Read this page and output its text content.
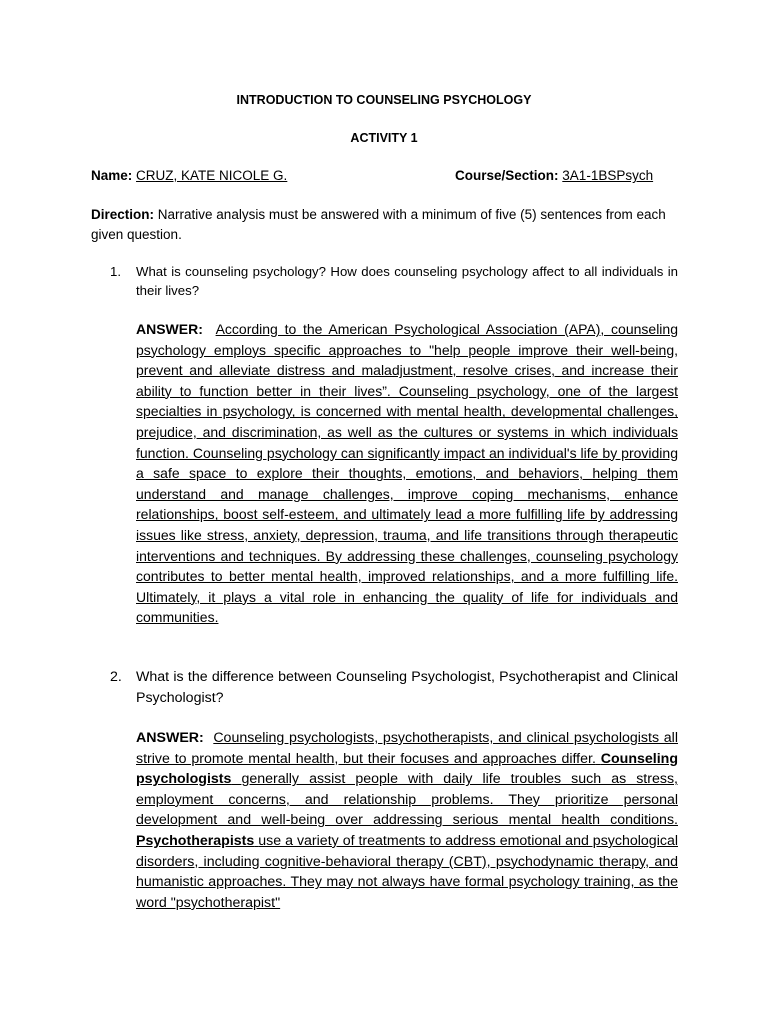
INTRODUCTION TO COUNSELING PSYCHOLOGY
ACTIVITY 1
Name: CRUZ, KATE NICOLE G.	Course/Section: 3A1-1BSPsych

Direction: Narrative analysis must be answered with a minimum of five (5) sentences from each given question.

1. What is counseling psychology? How does counseling psychology affect to all individuals in their lives?

ANSWER: According to the American Psychological Association (APA), counseling psychology employs specific approaches to "help people improve their well-being, prevent and alleviate distress and maladjustment, resolve crises, and increase their ability to function better in their lives”. Counseling psychology, one of the largest specialties in psychology, is concerned with mental health, developmental challenges, prejudice, and discrimination, as well as the cultures or systems in which individuals function. Counseling psychology can significantly impact an individual's life by providing a safe space to explore their thoughts, emotions, and behaviors, helping them understand and manage challenges, improve coping mechanisms, enhance relationships, boost self-esteem, and ultimately lead a more fulfilling life by addressing issues like stress, anxiety, depression, trauma, and life transitions through therapeutic interventions and techniques. By addressing these challenges, counseling psychology contributes to better mental health, improved relationships, and a more fulfilling life. Ultimately, it plays a vital role in enhancing the quality of life for individuals and communities.

2. What is the difference between Counseling Psychologist, Psychotherapist and Clinical Psychologist?

ANSWER: Counseling psychologists, psychotherapists, and clinical psychologists all strive to promote mental health, but their focuses and approaches differ. Counseling psychologists generally assist people with daily life troubles such as stress, employment concerns, and relationship problems. They prioritize personal development and well-being over addressing serious mental health conditions. Psychotherapists use a variety of treatments to address emotional and psychological disorders, including cognitive-behavioral therapy (CBT), psychodynamic therapy, and humanistic approaches. They may not always have formal psychology training, as the word "psychotherapist"
